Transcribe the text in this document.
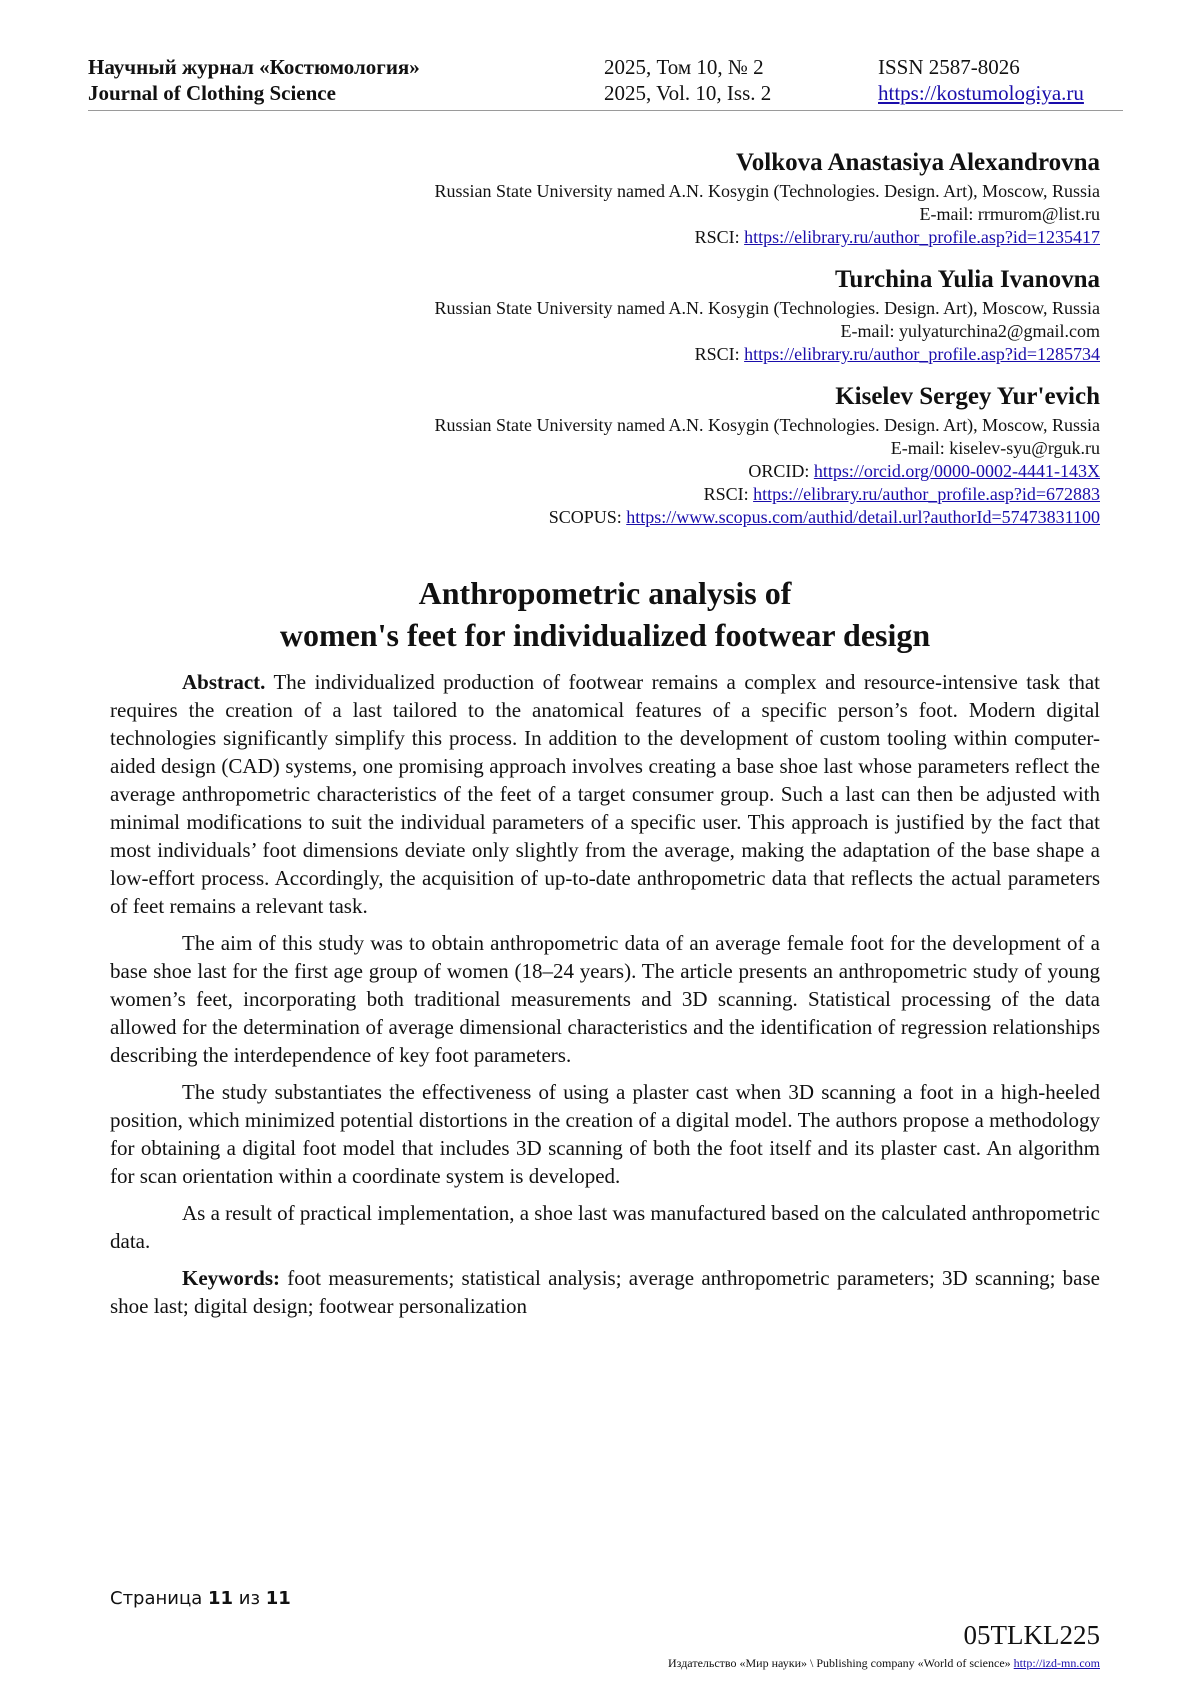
Научный журнал «Костюмология»	2025, Том 10, № 2	ISSN 2587-8026
Journal of Clothing Science	2025, Vol. 10, Iss. 2	https://kostumologiya.ru
Volkova Anastasiya Alexandrovna
Russian State University named A.N. Kosygin (Technologies. Design. Art), Moscow, Russia
E-mail: rrmurom@list.ru
RSCI: https://elibrary.ru/author_profile.asp?id=1235417
Turchina Yulia Ivanovna
Russian State University named A.N. Kosygin (Technologies. Design. Art), Moscow, Russia
E-mail: yulyaturchina2@gmail.com
RSCI: https://elibrary.ru/author_profile.asp?id=1285734
Kiselev Sergey Yur'evich
Russian State University named A.N. Kosygin (Technologies. Design. Art), Moscow, Russia
E-mail: kiselev-syu@rguk.ru
ORCID: https://orcid.org/0000-0002-4441-143X
RSCI: https://elibrary.ru/author_profile.asp?id=672883
SCOPUS: https://www.scopus.com/authid/detail.url?authorId=57473831100
Anthropometric analysis of
women's feet for individualized footwear design

Abstract. The individualized production of footwear remains a complex and resource-intensive task that requires the creation of a last tailored to the anatomical features of a specific person’s foot. Modern digital technologies significantly simplify this process. In addition to the development of custom tooling within computer-aided design (CAD) systems, one promising approach involves creating a base shoe last whose parameters reflect the average anthropometric characteristics of the feet of a target consumer group. Such a last can then be adjusted with minimal modifications to suit the individual parameters of a specific user. This approach is justified by the fact that most individuals’ foot dimensions deviate only slightly from the average, making the adaptation of the base shape a low-effort process. Accordingly, the acquisition of up-to-date anthropometric data that reflects the actual parameters of feet remains a relevant task.

The aim of this study was to obtain anthropometric data of an average female foot for the development of a base shoe last for the first age group of women (18–24 years). The article presents an anthropometric study of young women’s feet, incorporating both traditional measurements and 3D scanning. Statistical processing of the data allowed for the determination of average dimensional characteristics and the identification of regression relationships describing the interdependence of key foot parameters.

The study substantiates the effectiveness of using a plaster cast when 3D scanning a foot in a high-heeled position, which minimized potential distortions in the creation of a digital model. The authors propose a methodology for obtaining a digital foot model that includes 3D scanning of both the foot itself and its plaster cast. An algorithm for scan orientation within a coordinate system is developed.

As a result of practical implementation, a shoe last was manufactured based on the calculated anthropometric data.

Keywords: foot measurements; statistical analysis; average anthropometric parameters; 3D scanning; base shoe last; digital design; footwear personalization

Страница 11 из 11
05TLKL225
Издательство «Мир науки» \ Publishing company «World of science» http://izd-mn.com
